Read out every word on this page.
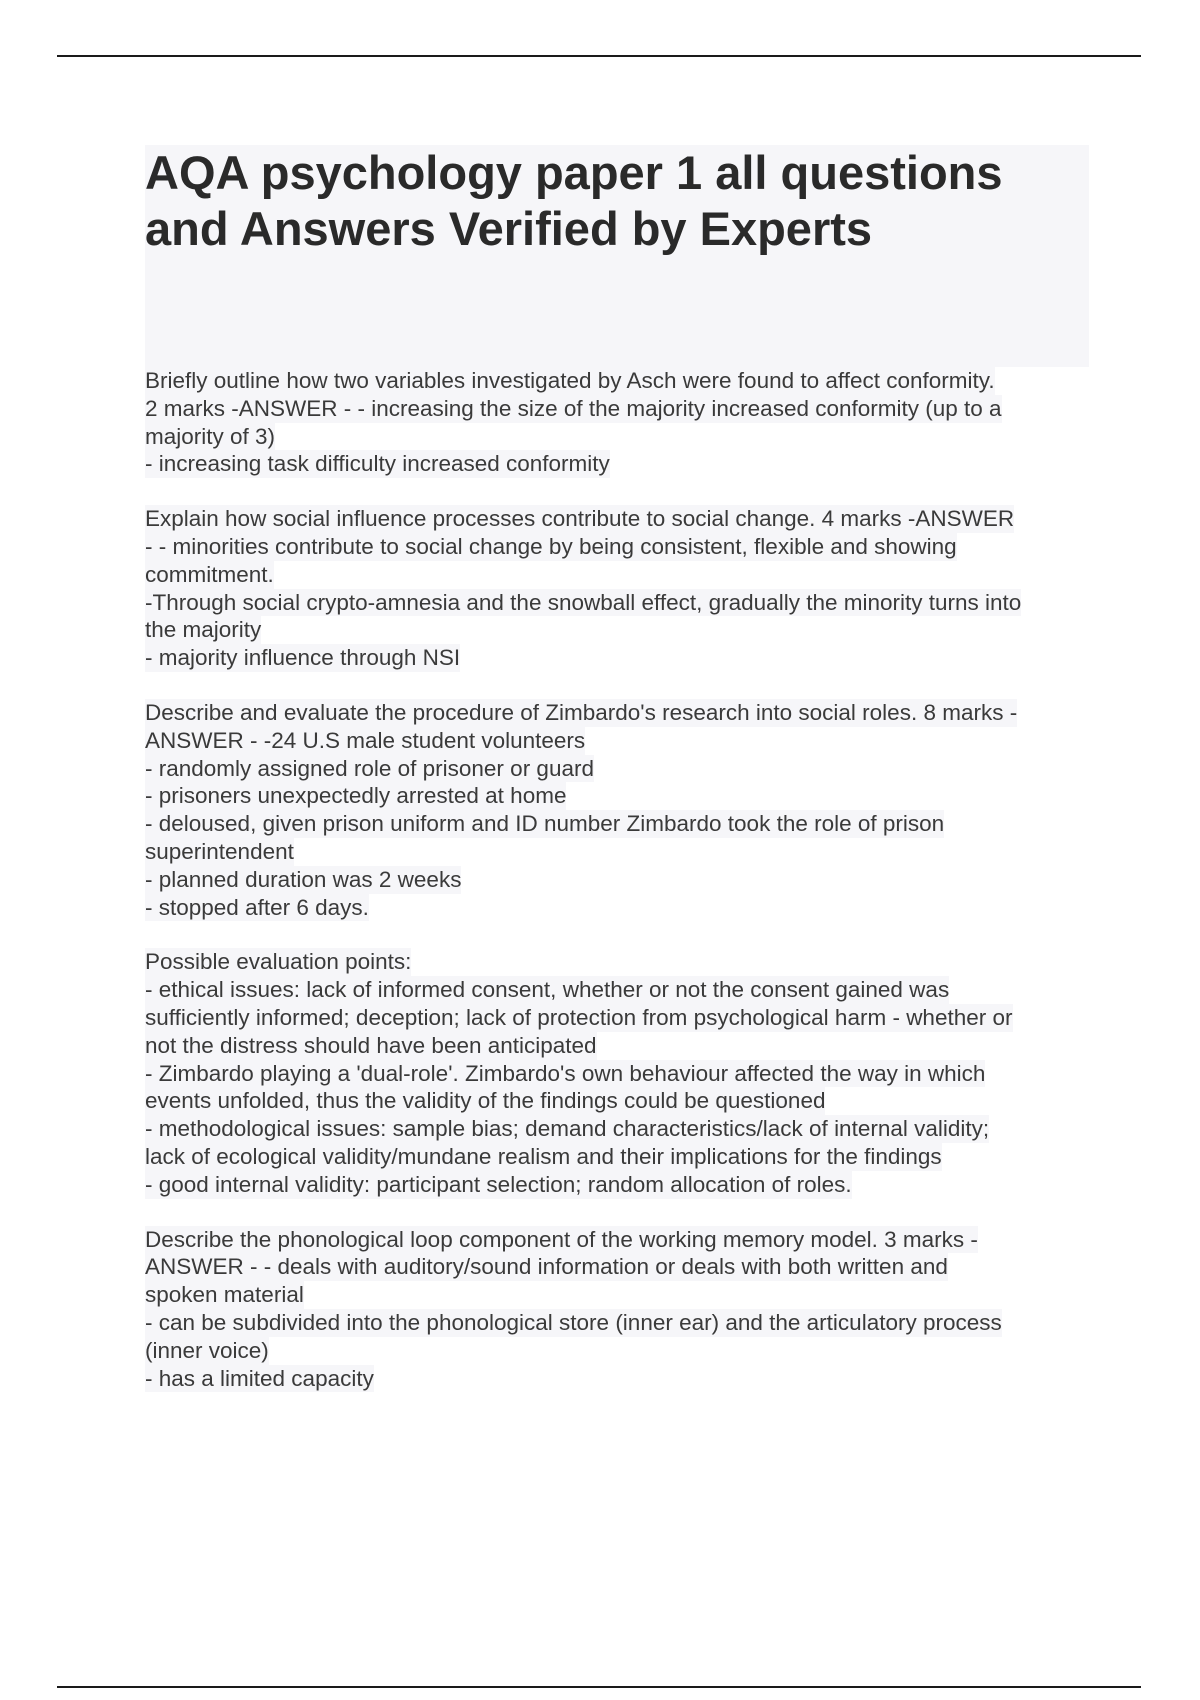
AQA psychology paper 1 all questions
and Answers Verified by Experts
Briefly outline how two variables investigated by Asch were found to affect conformity.
2 marks -ANSWER - - increasing the size of the majority increased conformity (up to a
majority of 3)
- increasing task difficulty increased conformity
Explain how social influence processes contribute to social change. 4 marks -ANSWER
- - minorities contribute to social change by being consistent, flexible and showing
commitment.
-Through social crypto-amnesia and the snowball effect, gradually the minority turns into
the majority
- majority influence through NSI
Describe and evaluate the procedure of Zimbardo's research into social roles. 8 marks -
ANSWER - -24 U.S male student volunteers
- randomly assigned role of prisoner or guard
- prisoners unexpectedly arrested at home
- deloused, given prison uniform and ID number Zimbardo took the role of prison
superintendent
- planned duration was 2 weeks
- stopped after 6 days.
Possible evaluation points:
- ethical issues: lack of informed consent, whether or not the consent gained was
sufficiently informed; deception; lack of protection from psychological harm - whether or
not the distress should have been anticipated
- Zimbardo playing a 'dual-role'. Zimbardo's own behaviour affected the way in which
events unfolded, thus the validity of the findings could be questioned
- methodological issues: sample bias; demand characteristics/lack of internal validity;
lack of ecological validity/mundane realism and their implications for the findings
- good internal validity: participant selection; random allocation of roles.
Describe the phonological loop component of the working memory model. 3 marks -
ANSWER - - deals with auditory/sound information or deals with both written and
spoken material
- can be subdivided into the phonological store (inner ear) and the articulatory process
(inner voice)
- has a limited capacity
